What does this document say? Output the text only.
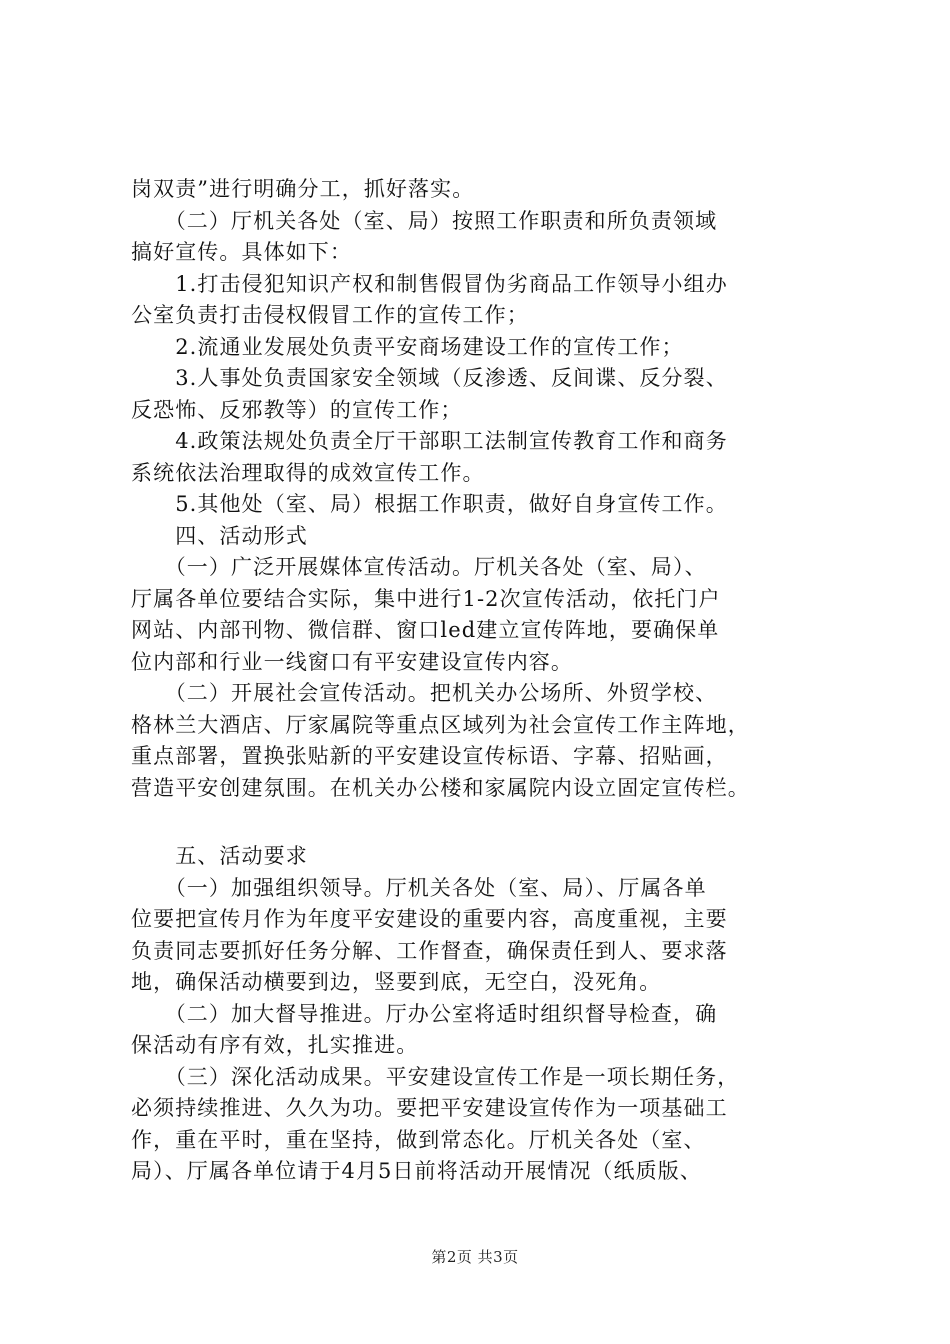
岗双责”进行明确分工，抓好落实。
　　（二）厅机关各处（室、局）按照工作职责和所负责领域
搞好宣传。具体如下：
　　1.打击侵犯知识产权和制售假冒伪劣商品工作领导小组办
公室负责打击侵权假冒工作的宣传工作；
　　2.流通业发展处负责平安商场建设工作的宣传工作；
　　3.人事处负责国家安全领域（反渗透、反间谍、反分裂、
反恐怖、反邪教等）的宣传工作；
　　4.政策法规处负责全厅干部职工法制宣传教育工作和商务
系统依法治理取得的成效宣传工作。
　　5.其他处（室、局）根据工作职责，做好自身宣传工作。
　　四、活动形式
　　（一）广泛开展媒体宣传活动。厅机关各处（室、局）、
厅属各单位要结合实际，集中进行1-2次宣传活动，依托门户
网站、内部刊物、微信群、窗口led建立宣传阵地，要确保单
位内部和行业一线窗口有平安建设宣传内容。
　　（二）开展社会宣传活动。把机关办公场所、外贸学校、
格林兰大酒店、厅家属院等重点区域列为社会宣传工作主阵地，
重点部署，置换张贴新的平安建设宣传标语、字幕、招贴画，
营造平安创建氛围。在机关办公楼和家属院内设立固定宣传栏。
　　五、活动要求
　　（一）加强组织领导。厅机关各处（室、局）、厅属各单
位要把宣传月作为年度平安建设的重要内容，高度重视，主要
负责同志要抓好任务分解、工作督查，确保责任到人、要求落
地，确保活动横要到边，竖要到底，无空白，没死角。
　　（二）加大督导推进。厅办公室将适时组织督导检查，确
保活动有序有效，扎实推进。
　　（三）深化活动成果。平安建设宣传工作是一项长期任务，
必须持续推进、久久为功。要把平安建设宣传作为一项基础工
作，重在平时，重在坚持，做到常态化。厅机关各处（室、
局）、厅属各单位请于4月5日前将活动开展情况（纸质版、
第2页 共3页
